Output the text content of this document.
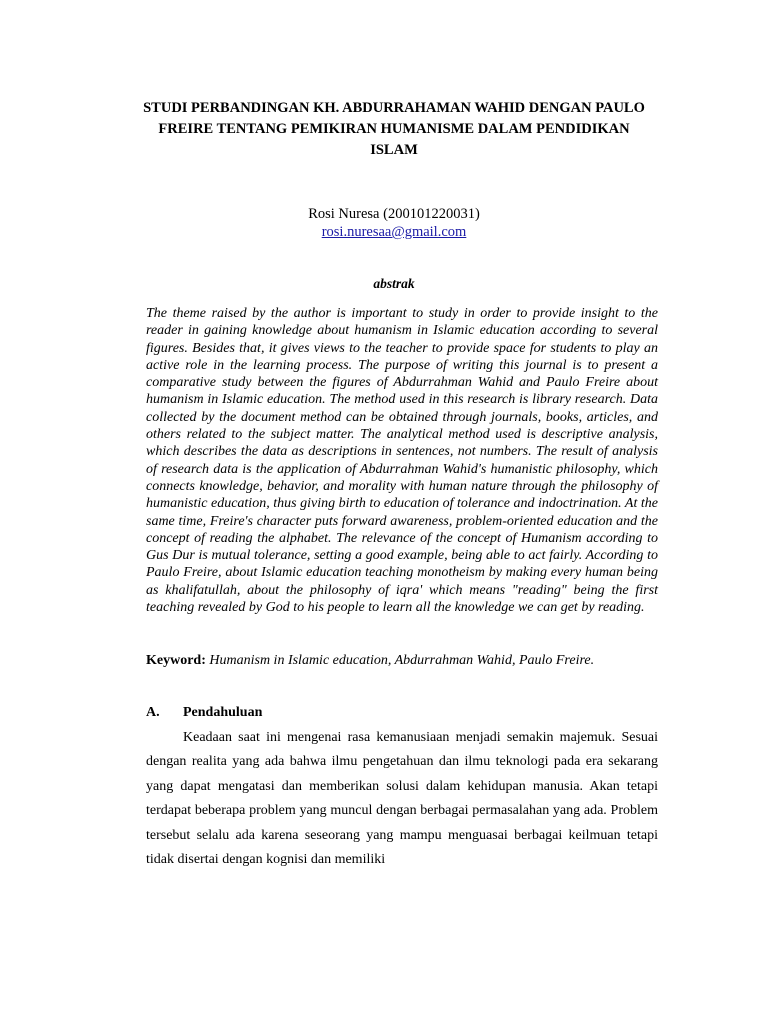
STUDI PERBANDINGAN KH. ABDURRAHAMAN WAHID DENGAN PAULO FREIRE TENTANG PEMIKIRAN HUMANISME DALAM PENDIDIKAN ISLAM
Rosi Nuresa (200101220031)
rosi.nuresaa@gmail.com
abstrak

The theme raised by the author is important to study in order to provide insight to the reader in gaining knowledge about humanism in Islamic education according to several figures. Besides that, it gives views to the teacher to provide space for students to play an active role in the learning process. The purpose of writing this journal is to present a comparative study between the figures of Abdurrahman Wahid and Paulo Freire about humanism in Islamic education. The method used in this research is library research. Data collected by the document method can be obtained through journals, books, articles, and others related to the subject matter. The analytical method used is descriptive analysis, which describes the data as descriptions in sentences, not numbers. The result of analysis of research data is the application of Abdurrahman Wahid's humanistic philosophy, which connects knowledge, behavior, and morality with human nature through the philosophy of humanistic education, thus giving birth to education of tolerance and indoctrination. At the same time, Freire's character puts forward awareness, problem-oriented education and the concept of reading the alphabet. The relevance of the concept of Humanism according to Gus Dur is mutual tolerance, setting a good example, being able to act fairly. According to Paulo Freire, about Islamic education teaching monotheism by making every human being as khalifatullah, about the philosophy of iqra' which means "reading" being the first teaching revealed by God to his people to learn all the knowledge we can get by reading.

Keyword: Humanism in Islamic education, Abdurrahman Wahid, Paulo Freire.
A. Pendahuluan

Keadaan saat ini mengenai rasa kemanusiaan menjadi semakin majemuk. Sesuai dengan realita yang ada bahwa ilmu pengetahuan dan ilmu teknologi pada era sekarang yang dapat mengatasi dan memberikan solusi dalam kehidupan manusia. Akan tetapi terdapat beberapa problem yang muncul dengan berbagai permasalahan yang ada. Problem tersebut selalu ada karena seseorang yang mampu menguasai berbagai keilmuan tetapi tidak disertai dengan kognisi dan memiliki
